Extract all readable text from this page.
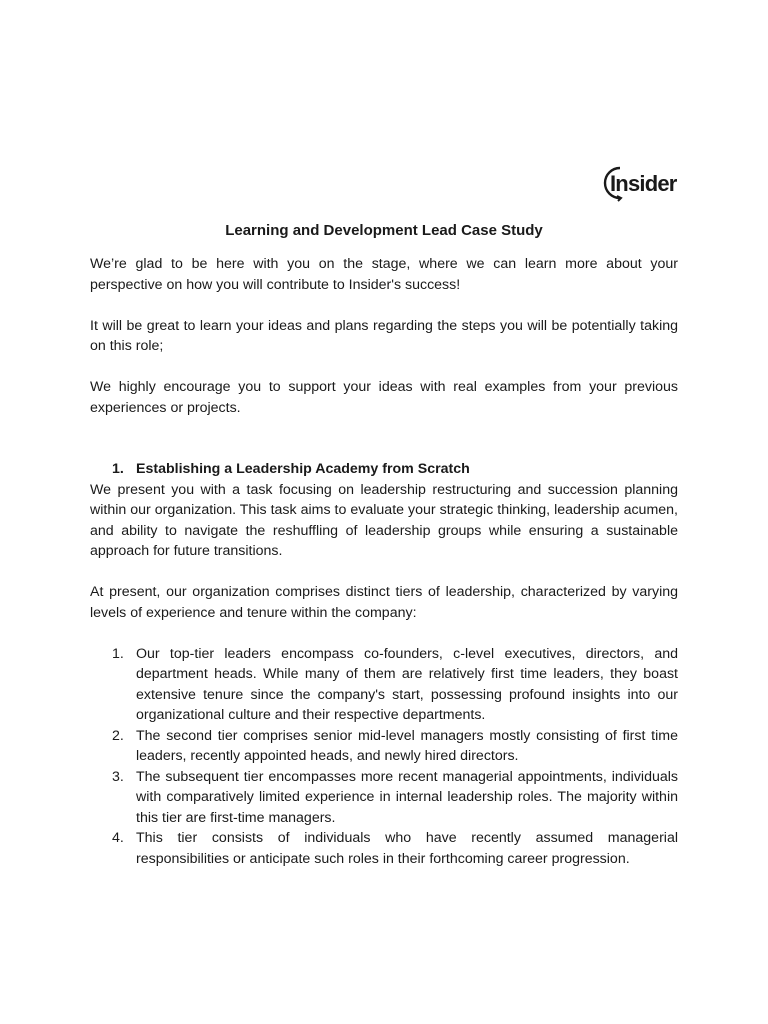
Insider
Learning and Development Lead Case Study

We’re glad to be here with you on the stage, where we can learn more about your perspective on how you will contribute to Insider's success!

It will be great to learn your ideas and plans regarding the steps you will be potentially taking on this role;

We highly encourage you to support your ideas with real examples from your previous experiences or projects.

1. Establishing a Leadership Academy from Scratch

We present you with a task focusing on leadership restructuring and succession planning within our organization. This task aims to evaluate your strategic thinking, leadership acumen, and ability to navigate the reshuffling of leadership groups while ensuring a sustainable approach for future transitions.

At present, our organization comprises distinct tiers of leadership, characterized by varying levels of experience and tenure within the company:

1. Our top-tier leaders encompass co-founders, c-level executives, directors, and department heads. While many of them are relatively first time leaders, they boast extensive tenure since the company's start, possessing profound insights into our organizational culture and their respective departments.
2. The second tier comprises senior mid-level managers mostly consisting of first time leaders, recently appointed heads, and newly hired directors.
3. The subsequent tier encompasses more recent managerial appointments, individuals with comparatively limited experience in internal leadership roles. The majority within this tier are first-time managers.
4. This tier consists of individuals who have recently assumed managerial responsibilities or anticipate such roles in their forthcoming career progression.
